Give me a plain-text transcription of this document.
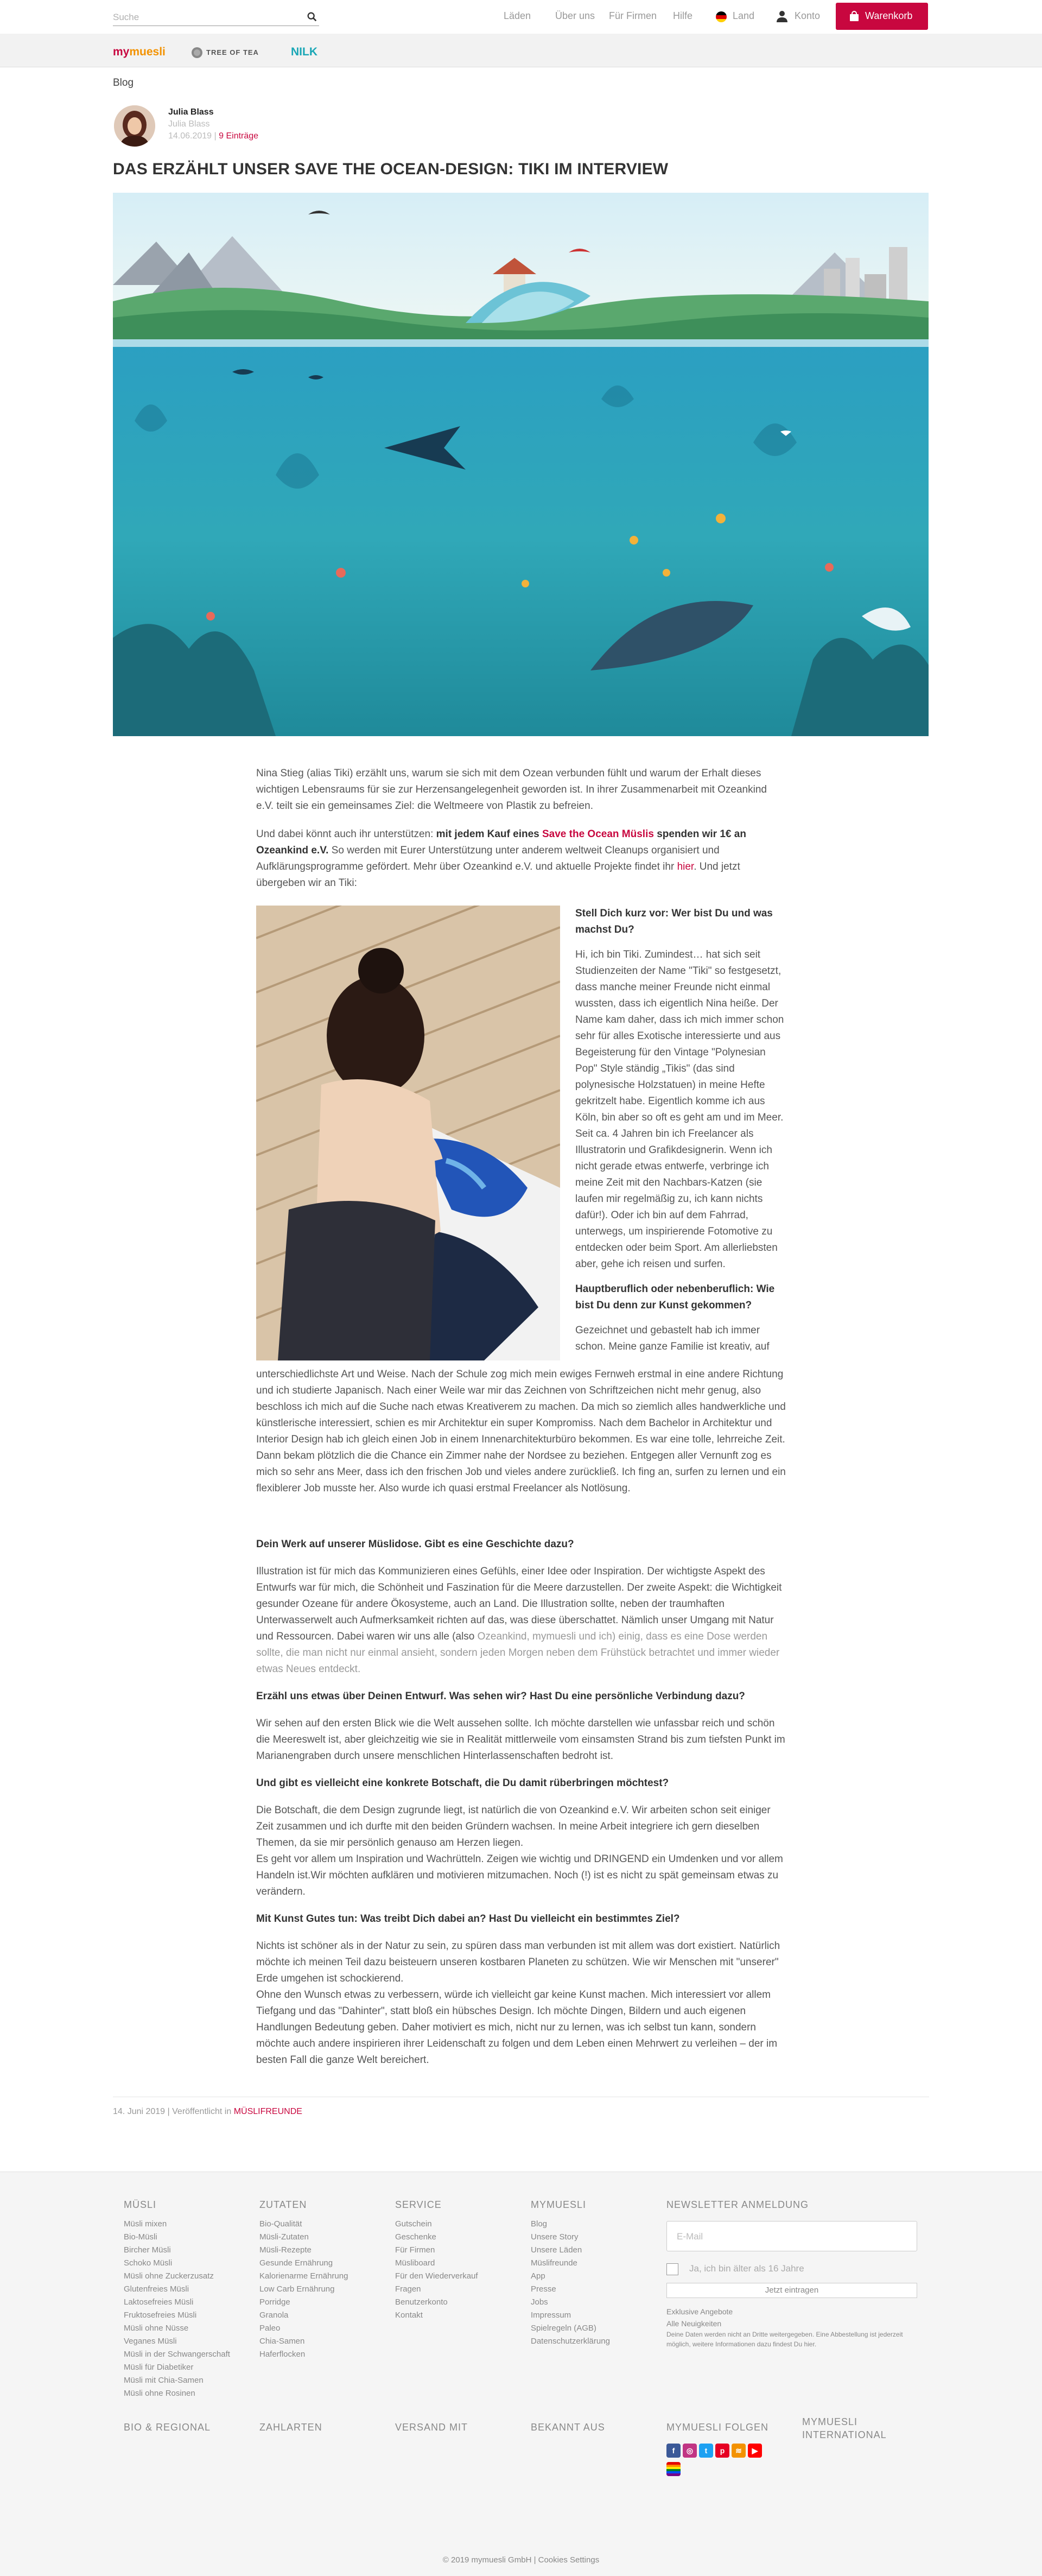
Suche	Läden Über uns Für Firmen Hilfe	Land	Konto	Warenkorb
mymuesli	TREE OF TEA	NILK
Blog
Julia Blass
Julia Blass
14.06.2019 | 9 Einträge
DAS ERZÄHLT UNSER SAVE THE OCEAN-DESIGN: TIKI IM INTERVIEW
Nina Stieg (alias Tiki) erzählt uns, warum sie sich mit dem Ozean verbunden fühlt und warum der Erhalt dieses wichtigen Lebensraums für sie zur Herzensangelegenheit geworden ist. In ihrer Zusammenarbeit mit Ozeankind e.V. teilt sie ein gemeinsames Ziel: die Weltmeere von Plastik zu befreien.
Und dabei könnt auch ihr unterstützen: mit jedem Kauf eines Save the Ocean Müslis spenden wir 1€ an Ozeankind e.V. So werden mit Eurer Unterstützung unter anderem weltweit Cleanups organisiert und Aufklärungsprogramme gefördert. Mehr über Ozeankind e.V. und aktuelle Projekte findet ihr hier. Und jetzt übergeben wir an Tiki:
Stell Dich kurz vor: Wer bist Du und was machst Du?
Hi, ich bin Tiki. Zumindest… hat sich seit Studienzeiten der Name "Tiki" so festgesetzt, dass manche meiner Freunde nicht einmal wussten, dass ich eigentlich Nina heiße. Der Name kam daher, dass ich mich immer schon sehr für alles Exotische interessierte und aus Begeisterung für den Vintage "Polynesian Pop" Style ständig „Tikis" (das sind polynesische Holzstatuen) in meine Hefte gekritzelt habe. Eigentlich komme ich aus Köln, bin aber so oft es geht am und im Meer. Seit ca. 4 Jahren bin ich Freelancer als Illustratorin und Grafikdesignerin. Wenn ich nicht gerade etwas entwerfe, verbringe ich meine Zeit mit den Nachbars-Katzen (sie laufen mir regelmäßig zu, ich kann nichts dafür!). Oder ich bin auf dem Fahrrad, unterwegs, um inspirierende Fotomotive zu entdecken oder beim Sport. Am allerliebsten aber, gehe ich reisen und surfen.
Hauptberuflich oder nebenberuflich: Wie bist Du denn zur Kunst gekommen?
Gezeichnet und gebastelt hab ich immer schon. Meine ganze Familie ist kreativ, auf
unterschiedlichste Art und Weise. Nach der Schule zog mich mein ewiges Fernweh erstmal in eine andere Richtung und ich studierte Japanisch. Nach einer Weile war mir das Zeichnen von Schriftzeichen nicht mehr genug, also beschloss ich mich auf die Suche nach etwas Kreativerem zu machen. Da mich so ziemlich alles handwerkliche und künstlerische interessiert, schien es mir Architektur ein super Kompromiss. Nach dem Bachelor in Architektur und Interior Design hab ich gleich einen Job in einem Innenarchitekturbüro bekommen. Es war eine tolle, lehrreiche Zeit. Dann bekam plötzlich die die Chance ein Zimmer nahe der Nordsee zu beziehen. Entgegen aller Vernunft zog es mich so sehr ans Meer, dass ich den frischen Job und vieles andere zurückließ. Ich fing an, surfen zu lernen und ein flexiblerer Job musste her. Also wurde ich quasi erstmal Freelancer als Notlösung.
Dein Werk auf unserer Müslidose. Gibt es eine Geschichte dazu?
Illustration ist für mich das Kommunizieren eines Gefühls, einer Idee oder Inspiration. Der wichtigste Aspekt des Entwurfs war für mich, die Schönheit und Faszination für die Meere darzustellen. Der zweite Aspekt: die Wichtigkeit gesunder Ozeane für andere Ökosysteme, auch an Land. Die Illustration sollte, neben der traumhaften Unterwasserwelt auch Aufmerksamkeit richten auf das, was diese überschattet. Nämlich unser Umgang mit Natur und Ressourcen. Dabei waren wir uns alle (also Ozeankind, mymuesli und ich) einig, dass es eine Dose werden sollte, die man nicht nur einmal ansieht, sondern jeden Morgen neben dem Frühstück betrachtet und immer wieder etwas Neues entdeckt.
Erzähl uns etwas über Deinen Entwurf. Was sehen wir? Hast Du eine persönliche Verbindung dazu?
Wir sehen auf den ersten Blick wie die Welt aussehen sollte. Ich möchte darstellen wie unfassbar reich und schön die Meereswelt ist, aber gleichzeitig wie sie in Realität mittlerweile vom einsamsten Strand bis zum tiefsten Punkt im Marianengraben durch unsere menschlichen Hinterlassenschaften bedroht ist.
Und gibt es vielleicht eine konkrete Botschaft, die Du damit rüberbringen möchtest?
Die Botschaft, die dem Design zugrunde liegt, ist natürlich die von Ozeankind e.V. Wir arbeiten schon seit einiger Zeit zusammen und ich durfte mit den beiden Gründern wachsen. In meine Arbeit integriere ich gern dieselben Themen, da sie mir persönlich genauso am Herzen liegen.
Es geht vor allem um Inspiration und Wachrütteln. Zeigen wie wichtig und DRINGEND ein Umdenken und vor allem Handeln ist.Wir möchten aufklären und motivieren mitzumachen. Noch (!) ist es nicht zu spät gemeinsam etwas zu verändern.
Mit Kunst Gutes tun: Was treibt Dich dabei an? Hast Du vielleicht ein bestimmtes Ziel?
Nichts ist schöner als in der Natur zu sein, zu spüren dass man verbunden ist mit allem was dort existiert. Natürlich möchte ich meinen Teil dazu beisteuern unseren kostbaren Planeten zu schützen. Wie wir Menschen mit "unserer" Erde umgehen ist schockierend.
Ohne den Wunsch etwas zu verbessern, würde ich vielleicht gar keine Kunst machen. Mich interessiert vor allem Tiefgang und das "Dahinter", statt bloß ein hübsches Design. Ich möchte Dingen, Bildern und auch eigenen Handlungen Bedeutung geben. Daher motiviert es mich, nicht nur zu lernen, was ich selbst tun kann, sondern möchte auch andere inspirieren ihrer Leidenschaft zu folgen und dem Leben einen Mehrwert zu verleihen – der im besten Fall die ganze Welt bereichert.
14. Juni 2019 | Veröffentlicht in MÜSLIFREUNDE
MÜSLI
Müsli mixen
Bio-Müsli
Bircher Müsli
Schoko Müsli
Müsli ohne Zuckerzusatz
Glutenfreies Müsli
Laktosefreies Müsli
Fruktosefreies Müsli
Müsli ohne Nüsse
Veganes Müsli
Müsli in der Schwangerschaft
Müsli für Diabetiker
Müsli mit Chia-Samen
Müsli ohne Rosinen
ZUTATEN
Bio-Qualität
Müsli-Zutaten
Müsli-Rezepte
Gesunde Ernährung
Kalorienarme Ernährung
Low Carb Ernährung
Porridge
Granola
Paleo
Chia-Samen
Haferflocken
SERVICE
Gutschein
Geschenke
Für Firmen
Müsliboard
Für den Wiederverkauf
Fragen
Benutzerkonto
Kontakt
MYMUESLI
Blog
Unsere Story
Unsere Läden
Müslifreunde
App
Presse
Jobs
Impressum
Spielregeln (AGB)
Datenschutzerklärung
NEWSLETTER ANMELDUNG
E-Mail
Ja, ich bin älter als 16 Jahre
Jetzt eintragen
Exklusive Angebote
Alle Neuigkeiten
Deine Daten werden nicht an Dritte weitergegeben. Eine Abbestellung ist jederzeit möglich, weitere Informationen dazu findest Du hier.
BIO & REGIONAL	ZAHLARTEN	VERSAND MIT	BEKANNT AUS	MYMUESLI FOLGEN	MYMUESLI INTERNATIONAL
f	◎	t	p	≋	▶
© 2019 mymuesli GmbH | Cookies Settings
